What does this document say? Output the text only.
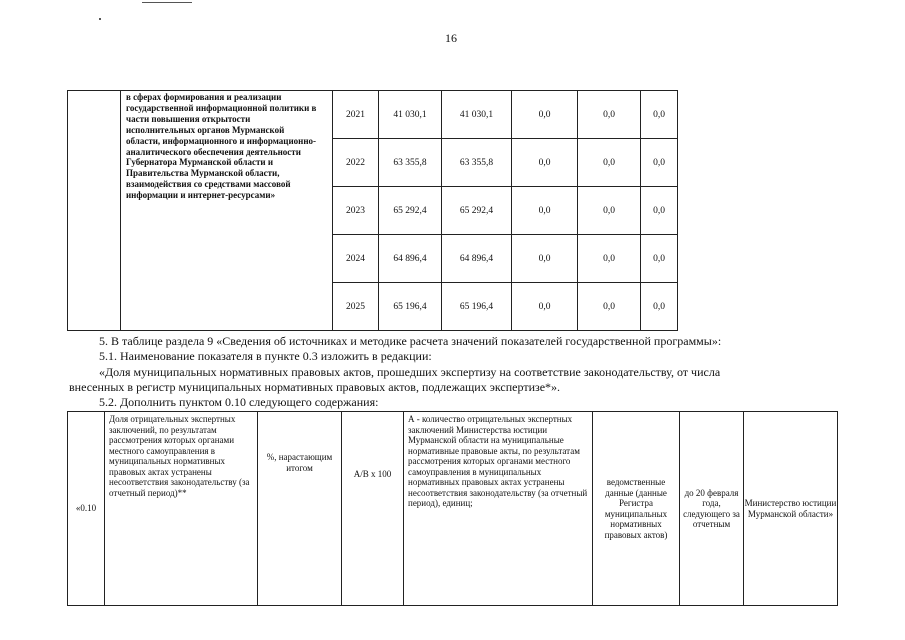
16
	в сферах формирования и реализации государственной информационной политики в части повышения открытости исполнительных органов Мурманской области, информационного и информационно-аналитического обеспечения деятельности Губернатора Мурманской области и Правительства Мурманской области, взаимодействия со средствами массовой информации и интернет-ресурсами»		2021	41 030,1	41 030,1	0,0	0,0	0,0	
			2022	63 355,8	63 355,8	0,0	0,0	0,0	
			2023	65 292,4	65 292,4	0,0	0,0	0,0	
			2024	64 896,4	64 896,4	0,0	0,0	0,0	
			2025	65 196,4	65 196,4	0,0	0,0	0,0	
5. В таблице раздела 9 «Сведения об источниках и методике расчета значений показателей государственной программы»:
5.1. Наименование показателя в пункте 0.3 изложить в редакции:
«Доля муниципальных нормативных правовых актов, прошедших экспертизу на соответствие законодательству, от числа
внесенных в регистр муниципальных нормативных правовых актов, подлежащих экспертизе*».
5.2. Дополнить пунктом 0.10 следующего содержания:
«0.10	Доля отрицательных экспертных заключений, по результатам рассмотрения которых органами местного самоуправления в муниципальных нормативных правовых актах устранены несоответствия законодательству (за отчетный период)**	%, нарастающим итогом	A/B x 100	А - количество отрицательных экспертных заключений Министерства юстиции Мурманской области на муниципальные нормативные правовые акты, по результатам рассмотрения которых органами местного самоуправления в муниципальных нормативных правовых актах устранены несоответствия законодательству (за отчетный период), единиц;	ведомственные данные (данные Регистра муниципальных нормативных правовых актов)	до 20 февраля года, следующего за отчетным	Министерство юстиции Мурманской области»
